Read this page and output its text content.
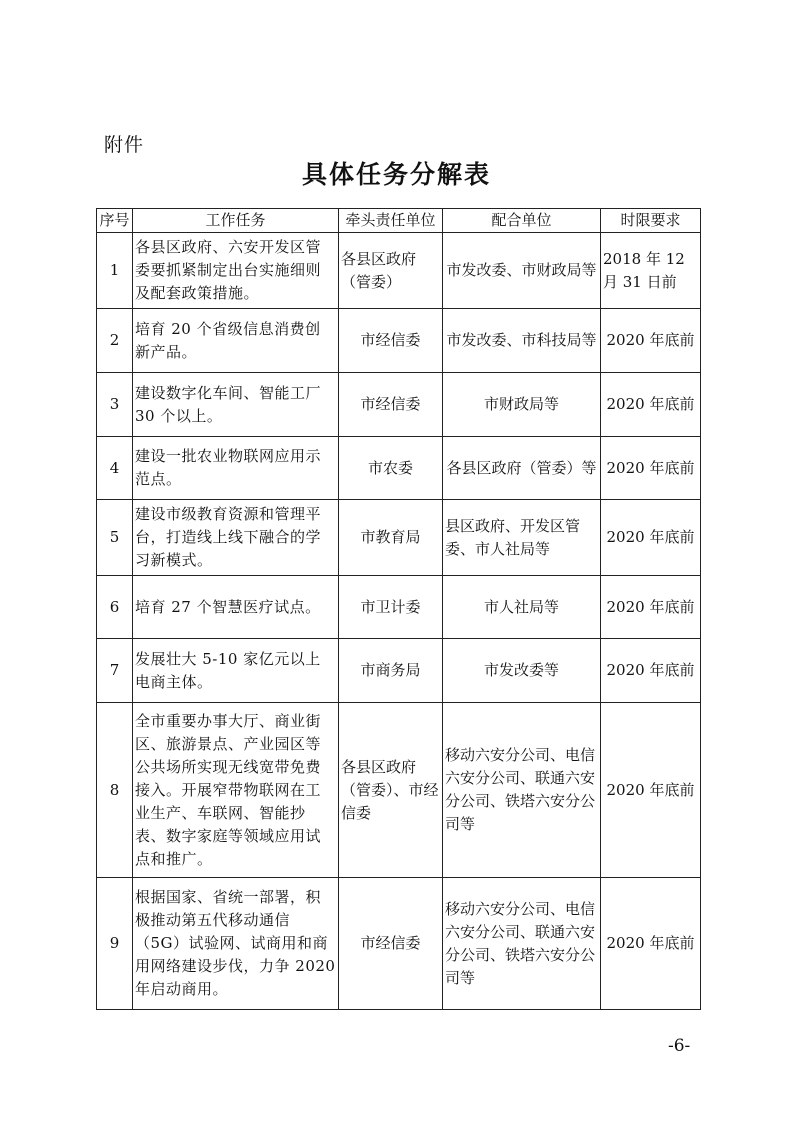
附件
具体任务分解表
序号	工作任务	牵头责任单位	配合单位	时限要求
1	各县区政府、六安开发区管委要抓紧制定出台实施细则及配套政策措施。	各县区政府（管委）	市发改委、市财政局等	2018 年 12 月 31 日前
2	培育 20 个省级信息消费创新产品。	市经信委	市发改委、市科技局等	2020 年底前
3	建设数字化车间、智能工厂 30 个以上。	市经信委	市财政局等	2020 年底前
4	建设一批农业物联网应用示范点。	市农委	各县区政府（管委）等	2020 年底前
5	建设市级教育资源和管理平台，打造线上线下融合的学习新模式。	市教育局	县区政府、开发区管委、市人社局等	2020 年底前
6	培育 27 个智慧医疗试点。	市卫计委	市人社局等	2020 年底前
7	发展壮大 5-10 家亿元以上电商主体。	市商务局	市发改委等	2020 年底前
8	全市重要办事大厅、商业街区、旅游景点、产业园区等公共场所实现无线宽带免费接入。开展窄带物联网在工业生产、车联网、智能抄表、数字家庭等领域应用试点和推广。	各县区政府（管委）、市经信委	移动六安分公司、电信六安分公司、联通六安分公司、铁塔六安分公司等	2020 年底前
9	根据国家、省统一部署，积极推动第五代移动通信（5G）试验网、试商用和商用网络建设步伐，力争 2020 年启动商用。	市经信委	移动六安分公司、电信六安分公司、联通六安分公司、铁塔六安分公司等	2020 年底前
-6-
